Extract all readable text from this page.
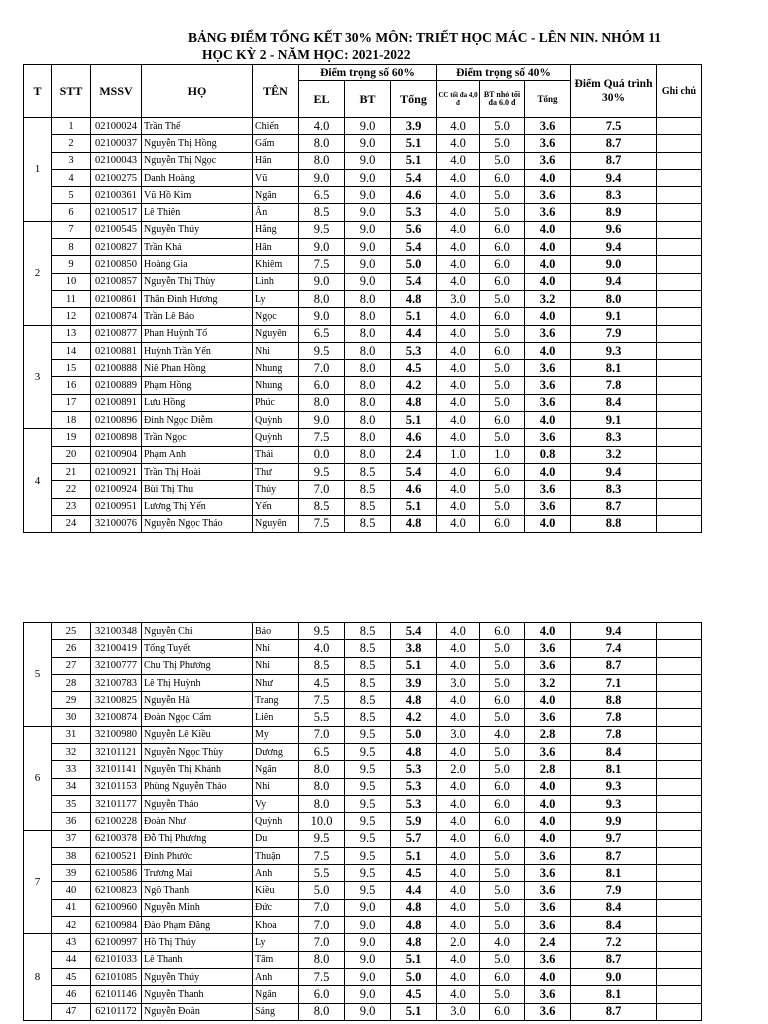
BẢNG ĐIỂM TỔNG KẾT 30% MÔN: TRIẾT HỌC MÁC - LÊN NIN. NHÓM 11
HỌC KỲ 2 - NĂM HỌC: 2021-2022
T	STT	MSSV	HỌ	TÊN	Điểm trọng số 60%			Điểm trọng số 40%			Điểm Quá trình 30%	Ghi chú
					EL	BT	Tổng	CC tối đa 4,0 đ	BT nhỏ tối đa 6.0 đ	Tổng		
1	1	02100024	Trần Thế	Chiến	4.0	9.0	3.9	4.0	5.0	3.6	7.5	
	2	02100037	Nguyễn Thị Hồng	Gấm	8.0	9.0	5.1	4.0	5.0	3.6	8.7	
	3	02100043	Nguyễn Thị Ngọc	Hân	8.0	9.0	5.1	4.0	5.0	3.6	8.7	
	4	02100275	Danh Hoàng	Vũ	9.0	9.0	5.4	4.0	6.0	4.0	9.4	
	5	02100361	Vũ Hồ Kim	Ngân	6.5	9.0	4.6	4.0	5.0	3.6	8.3	
	6	02100517	Lê Thiên	Ân	8.5	9.0	5.3	4.0	5.0	3.6	8.9	
2	7	02100545	Nguyễn Thúy	Hằng	9.5	9.0	5.6	4.0	6.0	4.0	9.6	
	8	02100827	Trần Khả	Hân	9.0	9.0	5.4	4.0	6.0	4.0	9.4	
	9	02100850	Hoàng Gia	Khiêm	7.5	9.0	5.0	4.0	6.0	4.0	9.0	
	10	02100857	Nguyễn Thị Thùy	Linh	9.0	9.0	5.4	4.0	6.0	4.0	9.4	
	11	02100861	Thân Đình Hương	Ly	8.0	8.0	4.8	3.0	5.0	3.2	8.0	
	12	02100874	Trần Lê Bảo	Ngọc	9.0	8.0	5.1	4.0	6.0	4.0	9.1	
3	13	02100877	Phan Huỳnh Tố	Nguyên	6.5	8.0	4.4	4.0	5.0	3.6	7.9	
	14	02100881	Huỳnh Trần Yến	Nhi	9.5	8.0	5.3	4.0	6.0	4.0	9.3	
	15	02100888	Niê Phan Hồng	Nhung	7.0	8.0	4.5	4.0	5.0	3.6	8.1	
	16	02100889	Phạm Hồng	Nhung	6.0	8.0	4.2	4.0	5.0	3.6	7.8	
	17	02100891	Lưu Hồng	Phúc	8.0	8.0	4.8	4.0	5.0	3.6	8.4	
	18	02100896	Đinh Ngọc Diễm	Quỳnh	9.0	8.0	5.1	4.0	6.0	4.0	9.1	
4	19	02100898	Trần Ngọc	Quỳnh	7.5	8.0	4.6	4.0	5.0	3.6	8.3	
	20	02100904	Phạm Anh	Thái	0.0	8.0	2.4	1.0	1.0	0.8	3.2	
	21	02100921	Trần Thị Hoài	Thư	9.5	8.5	5.4	4.0	6.0	4.0	9.4	
	22	02100924	Bùi Thị Thu	Thủy	7.0	8.5	4.6	4.0	5.0	3.6	8.3	
	23	02100951	Lương Thị Yến	Yến	8.5	8.5	5.1	4.0	5.0	3.6	8.7	
	24	32100076	Nguyễn Ngọc Thảo	Nguyên	7.5	8.5	4.8	4.0	6.0	4.0	8.8	
5	25	32100348	Nguyễn Chi	Bảo	9.5	8.5	5.4	4.0	6.0	4.0	9.4	
	26	32100419	Tống Tuyết	Nhi	4.0	8.5	3.8	4.0	5.0	3.6	7.4	
	27	32100777	Chu Thị Phương	Nhi	8.5	8.5	5.1	4.0	5.0	3.6	8.7	
	28	32100783	Lê Thị Huỳnh	Như	4.5	8.5	3.9	3.0	5.0	3.2	7.1	
	29	32100825	Nguyễn Hà	Trang	7.5	8.5	4.8	4.0	6.0	4.0	8.8	
	30	32100874	Đoàn Ngọc Cẩm	Liên	5.5	8.5	4.2	4.0	5.0	3.6	7.8	
6	31	32100980	Nguyễn Lê Kiều	My	7.0	9.5	5.0	3.0	4.0	2.8	7.8	
	32	32101121	Nguyễn Ngọc Thùy	Dương	6.5	9.5	4.8	4.0	5.0	3.6	8.4	
	33	32101141	Nguyễn Thị Khánh	Ngân	8.0	9.5	5.3	2.0	5.0	2.8	8.1	
	34	32101153	Phùng Nguyễn Thảo	Nhi	8.0	9.5	5.3	4.0	6.0	4.0	9.3	
	35	32101177	Nguyễn Thảo	Vy	8.0	9.5	5.3	4.0	6.0	4.0	9.3	
	36	62100228	Đoàn Như	Quỳnh	10.0	9.5	5.9	4.0	6.0	4.0	9.9	
7	37	62100378	Đỗ Thị Phương	Du	9.5	9.5	5.7	4.0	6.0	4.0	9.7	
	38	62100521	Đinh Phước	Thuận	7.5	9.5	5.1	4.0	5.0	3.6	8.7	
	39	62100586	Trương Mai	Anh	5.5	9.5	4.5	4.0	5.0	3.6	8.1	
	40	62100823	Ngô Thanh	Kiều	5.0	9.5	4.4	4.0	5.0	3.6	7.9	
	41	62100960	Nguyễn Minh	Đức	7.0	9.0	4.8	4.0	5.0	3.6	8.4	
	42	62100984	Đào Phạm Đăng	Khoa	7.0	9.0	4.8	4.0	5.0	3.6	8.4	
8	43	62100997	Hồ Thị Thúy	Ly	7.0	9.0	4.8	2.0	4.0	2.4	7.2	
	44	62101033	Lê Thanh	Tâm	8.0	9.0	5.1	4.0	5.0	3.6	8.7	
	45	62101085	Nguyễn Thúy	Anh	7.5	9.0	5.0	4.0	6.0	4.0	9.0	
	46	62101146	Nguyễn Thanh	Ngân	6.0	9.0	4.5	4.0	5.0	3.6	8.1	
	47	62101172	Nguyễn Đoàn	Sáng	8.0	9.0	5.1	3.0	6.0	3.6	8.7	
